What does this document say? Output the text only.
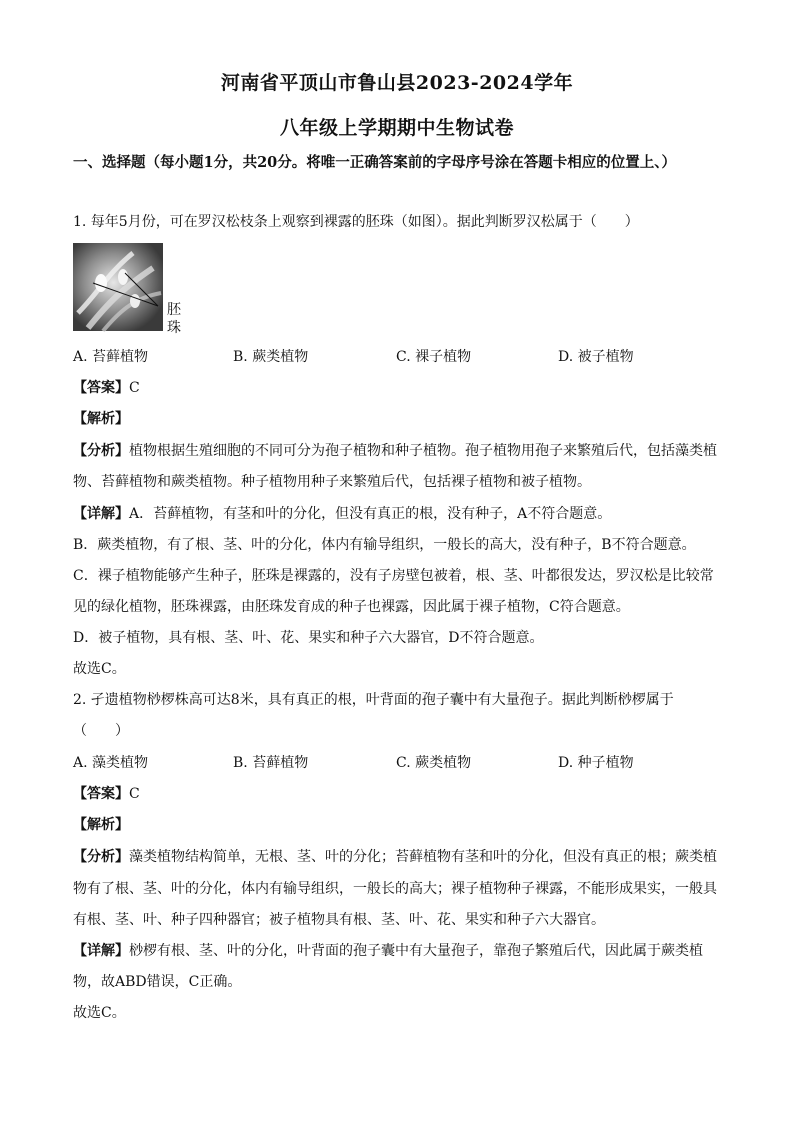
河南省平顶山市鲁山县2023-2024学年
八年级上学期期中生物试卷
一、选择题（每小题1分，共20分。将唯一正确答案前的字母序号涂在答题卡相应的位置上、）
1. 每年5月份，可在罗汉松枝条上观察到裸露的胚珠（如图）。据此判断罗汉松属于（　　）
胚珠
A. 苔藓植物	B. 蕨类植物	C. 裸子植物	D. 被子植物
【答案】C
【解析】
【分析】植物根据生殖细胞的不同可分为孢子植物和种子植物。孢子植物用孢子来繁殖后代，包括藻类植
物、苔藓植物和蕨类植物。种子植物用种子来繁殖后代，包括裸子植物和被子植物。
【详解】A．苔藓植物，有茎和叶的分化，但没有真正的根，没有种子，A不符合题意。
B．蕨类植物，有了根、茎、叶的分化，体内有输导组织，一般长的高大，没有种子，B不符合题意。
C．裸子植物能够产生种子，胚珠是裸露的，没有子房壁包被着，根、茎、叶都很发达，罗汉松是比较常
见的绿化植物，胚珠裸露，由胚珠发育成的种子也裸露，因此属于裸子植物，C符合题意。
D．被子植物，具有根、茎、叶、花、果实和种子六大器官，D不符合题意。
故选C。
2. 孑遗植物桫椤株高可达8米，具有真正的根，叶背面的孢子囊中有大量孢子。据此判断桫椤属于
（　　）
A. 藻类植物	B. 苔藓植物	C. 蕨类植物	D. 种子植物
【答案】C
【解析】
【分析】藻类植物结构简单，无根、茎、叶的分化；苔藓植物有茎和叶的分化，但没有真正的根；蕨类植
物有了根、茎、叶的分化，体内有输导组织，一般长的高大；裸子植物种子裸露，不能形成果实，一般具
有根、茎、叶、种子四种器官；被子植物具有根、茎、叶、花、果实和种子六大器官。
【详解】桫椤有根、茎、叶的分化，叶背面的孢子囊中有大量孢子，靠孢子繁殖后代，因此属于蕨类植
物，故ABD错误，C正确。
故选C。
